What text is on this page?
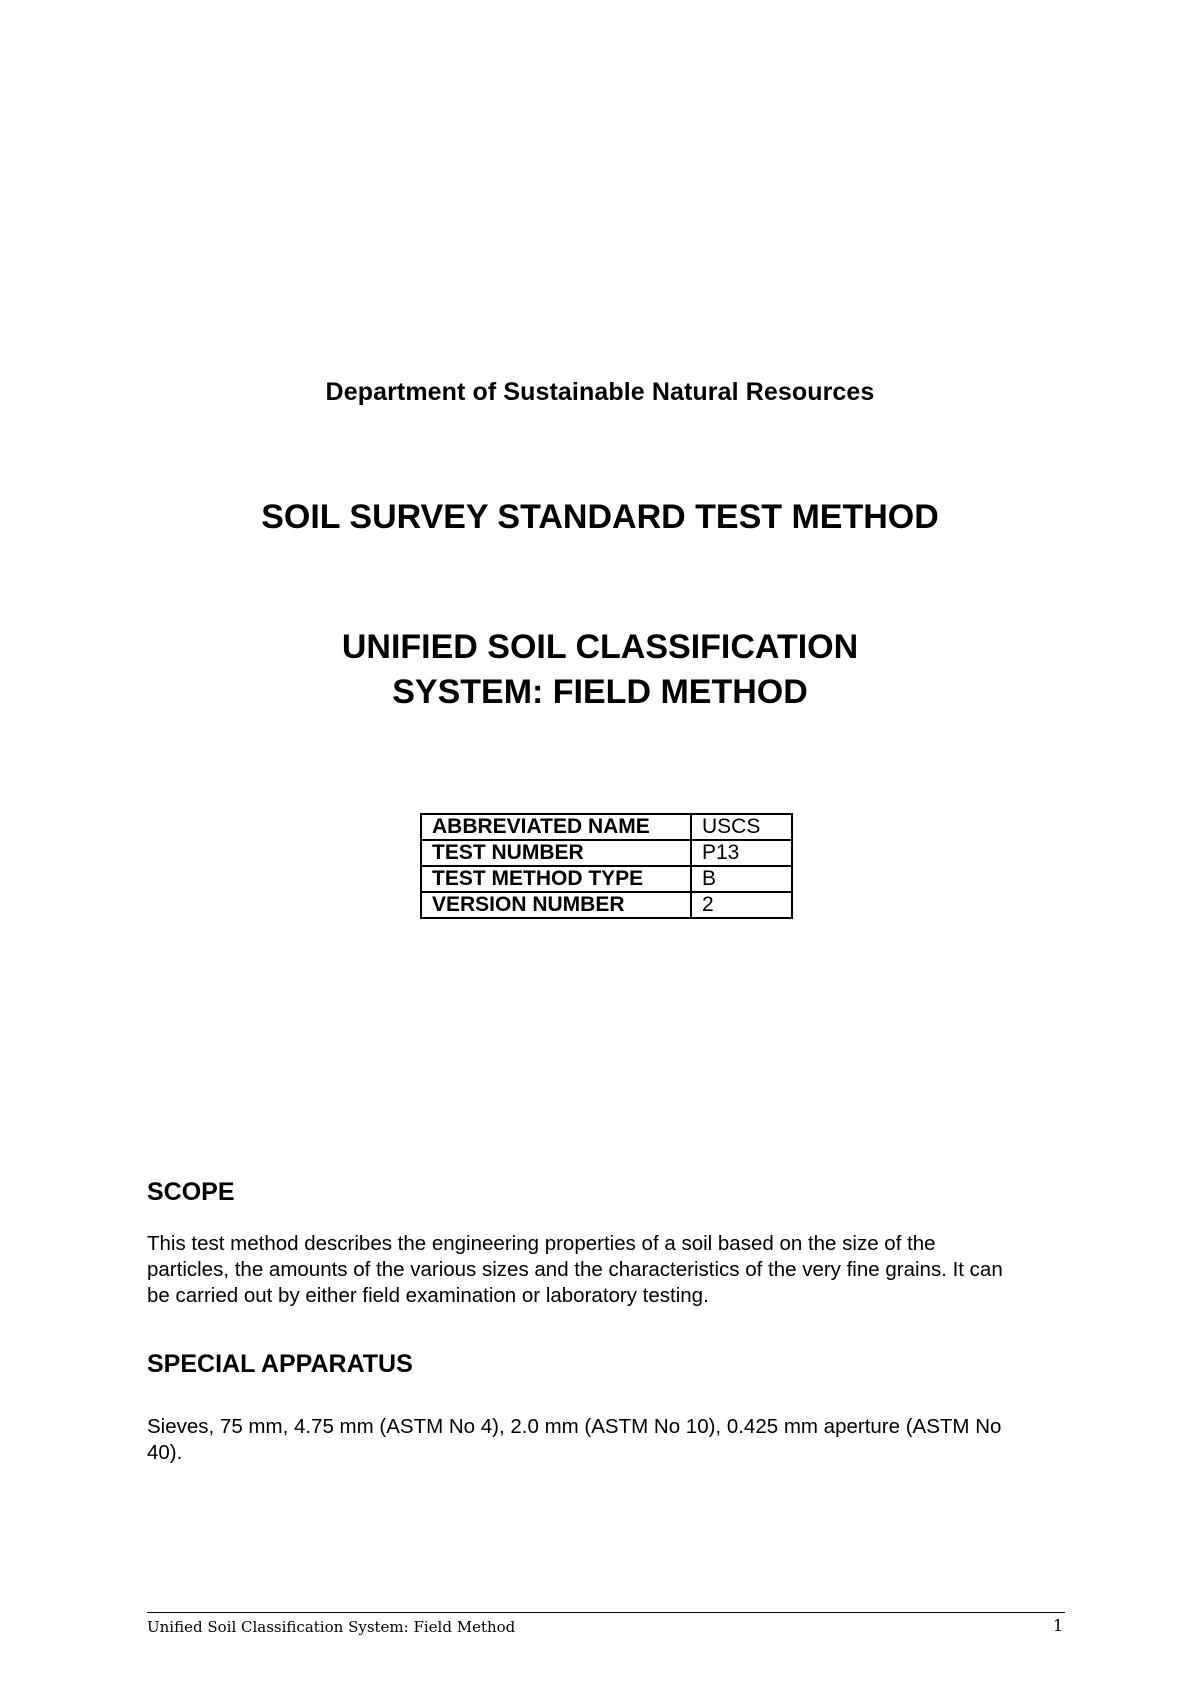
Department of Sustainable Natural Resources
SOIL SURVEY STANDARD TEST METHOD
UNIFIED SOIL CLASSIFICATION
SYSTEM: FIELD METHOD
ABBREVIATED NAME	USCS
TEST NUMBER	P13
TEST METHOD TYPE	B
VERSION NUMBER	2
SCOPE
This test method describes the engineering properties of a soil based on the size of the
particles, the amounts of the various sizes and the characteristics of the very fine grains. It can
be carried out by either field examination or laboratory testing.
SPECIAL APPARATUS
Sieves, 75 mm, 4.75 mm (ASTM No 4), 2.0 mm (ASTM No 10), 0.425 mm aperture (ASTM No
40).
Unified Soil Classification System: Field Method	1
